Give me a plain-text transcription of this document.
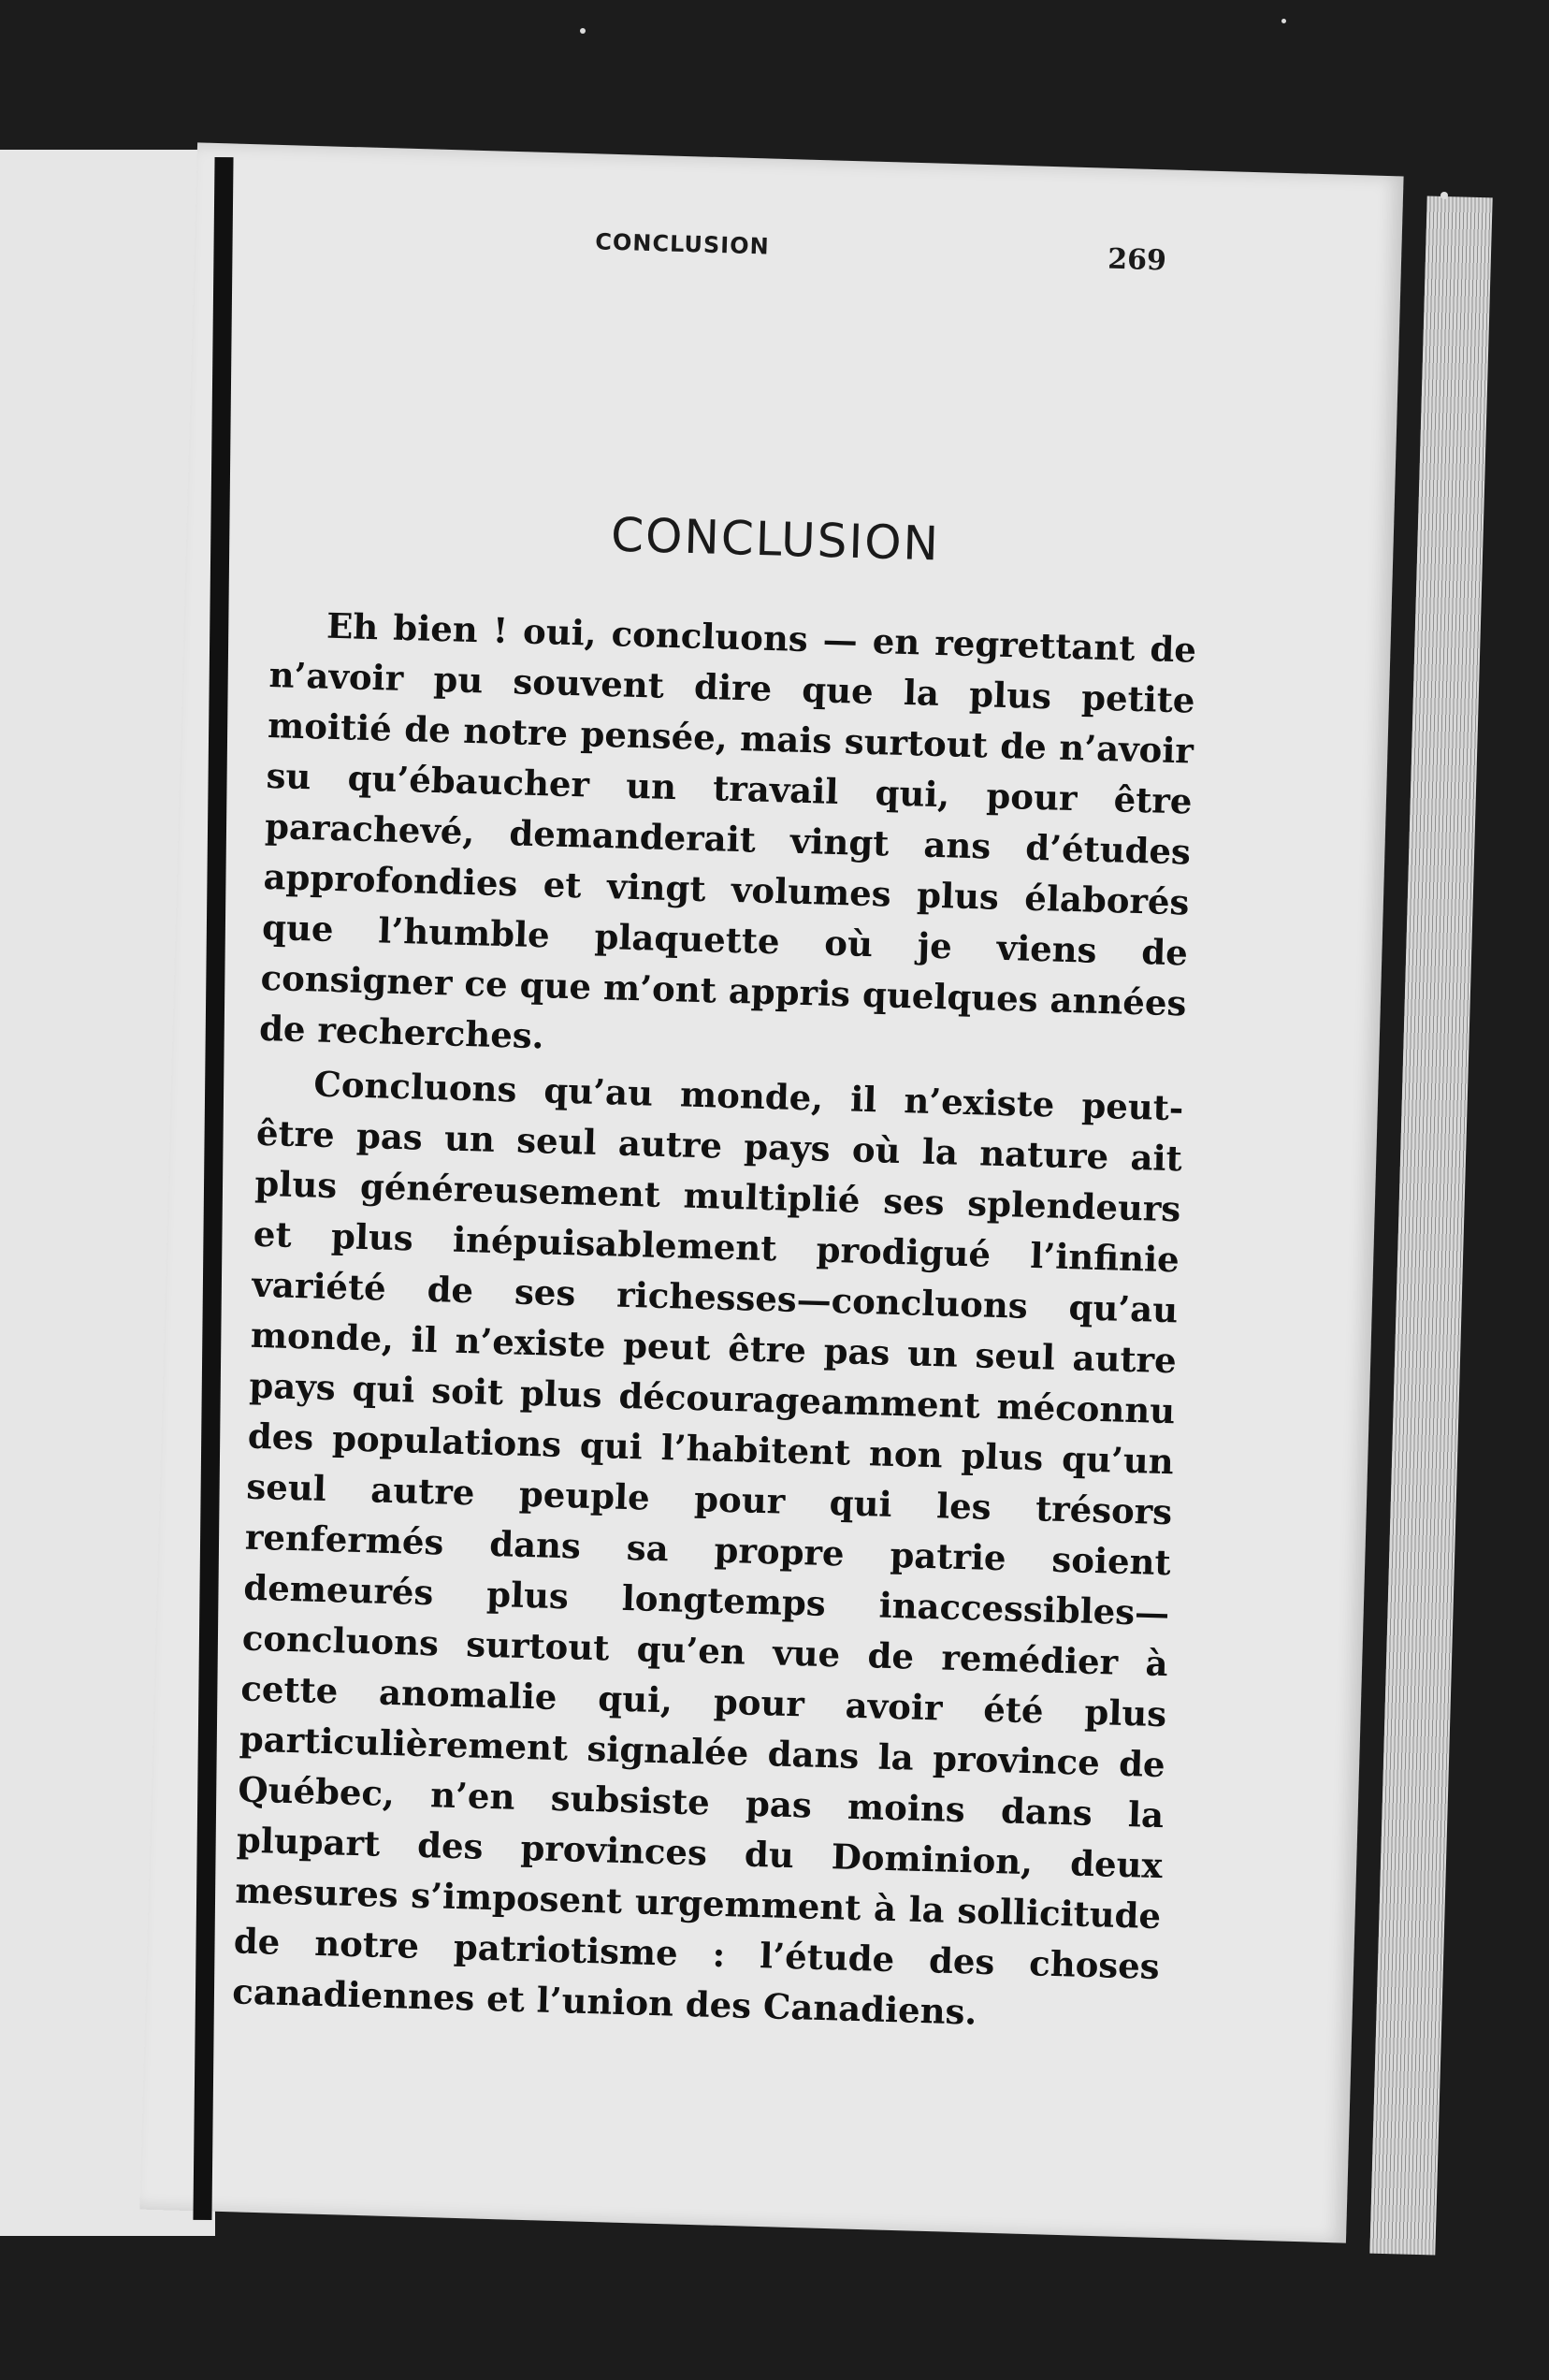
CONCLUSION	269
CONCLUSION

Eh bien ! oui, concluons — en regrettant de n’avoir pu souvent dire que la plus petite moitié de notre pensée, mais surtout de n’avoir su qu’ébaucher un travail qui, pour être parachevé, demanderait vingt ans d’études approfondies et vingt volumes plus élaborés que l’humble plaquette où je viens de consigner ce que m’ont appris quelques années de recherches.

Concluons qu’au monde, il n’existe peut-être pas un seul autre pays où la nature ait plus généreusement multiplié ses splendeurs et plus inépuisablement prodigué l’infinie variété de ses richesses—concluons qu’au monde, il n’existe peut être pas un seul autre pays qui soit plus décourageamment méconnu des populations qui l’habitent non plus qu’un seul autre peuple pour qui les trésors renfermés dans sa propre patrie soient demeurés plus longtemps inaccessibles—concluons surtout qu’en vue de remédier à cette anomalie qui, pour avoir été plus particulièrement signalée dans la province de Québec, n’en subsiste pas moins dans la plupart des provinces du Dominion, deux mesures s’imposent urgemment à la sollicitude de notre patriotisme : l’étude des choses canadiennes et l’union des Canadiens.
